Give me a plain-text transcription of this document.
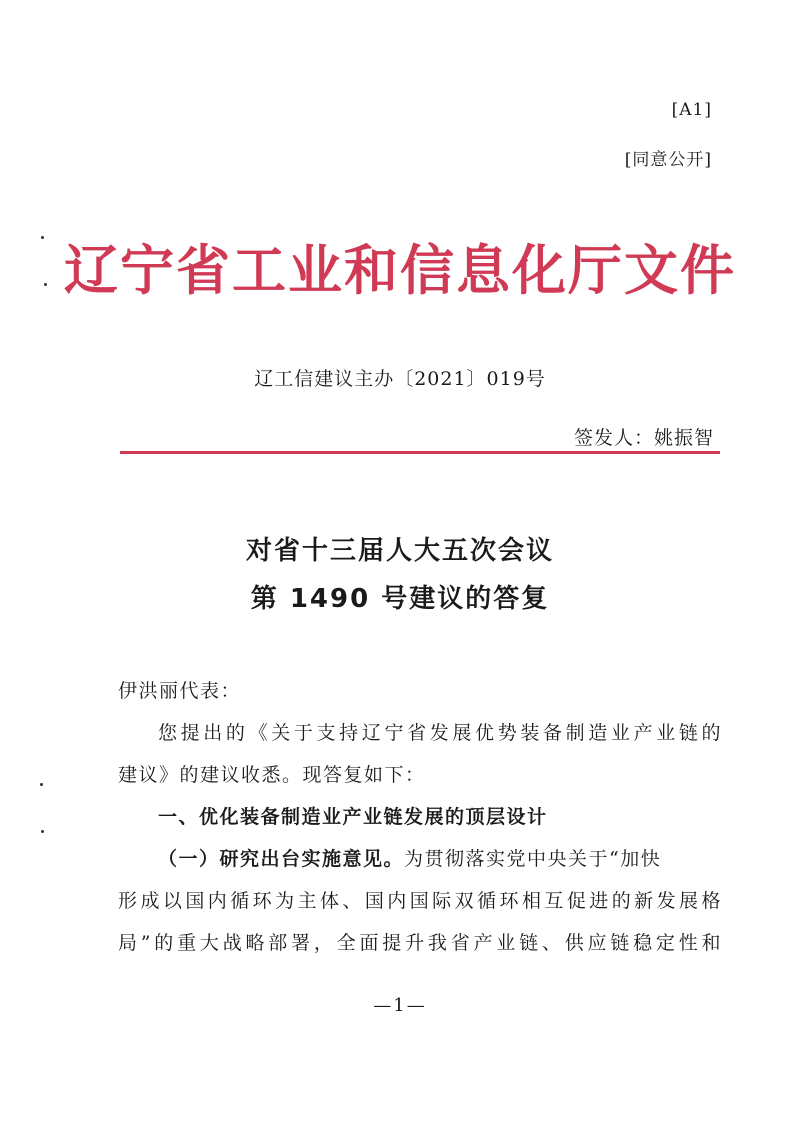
[A1]
[同意公开]
辽宁省工业和信息化厅文件
辽工信建议主办〔2021〕019号
签发人：姚振智
对省十三届人大五次会议
第 1490 号建议的答复
伊洪丽代表：
您提出的《关于支持辽宁省发展优势装备制造业产业链的
建议》的建议收悉。现答复如下：
一、优化装备制造业产业链发展的顶层设计
（一）研究出台实施意见。为贯彻落实党中央关于“加快
形成以国内循环为主体、国内国际双循环相互促进的新发展格
局”的重大战略部署，全面提升我省产业链、供应链稳定性和
—1—
